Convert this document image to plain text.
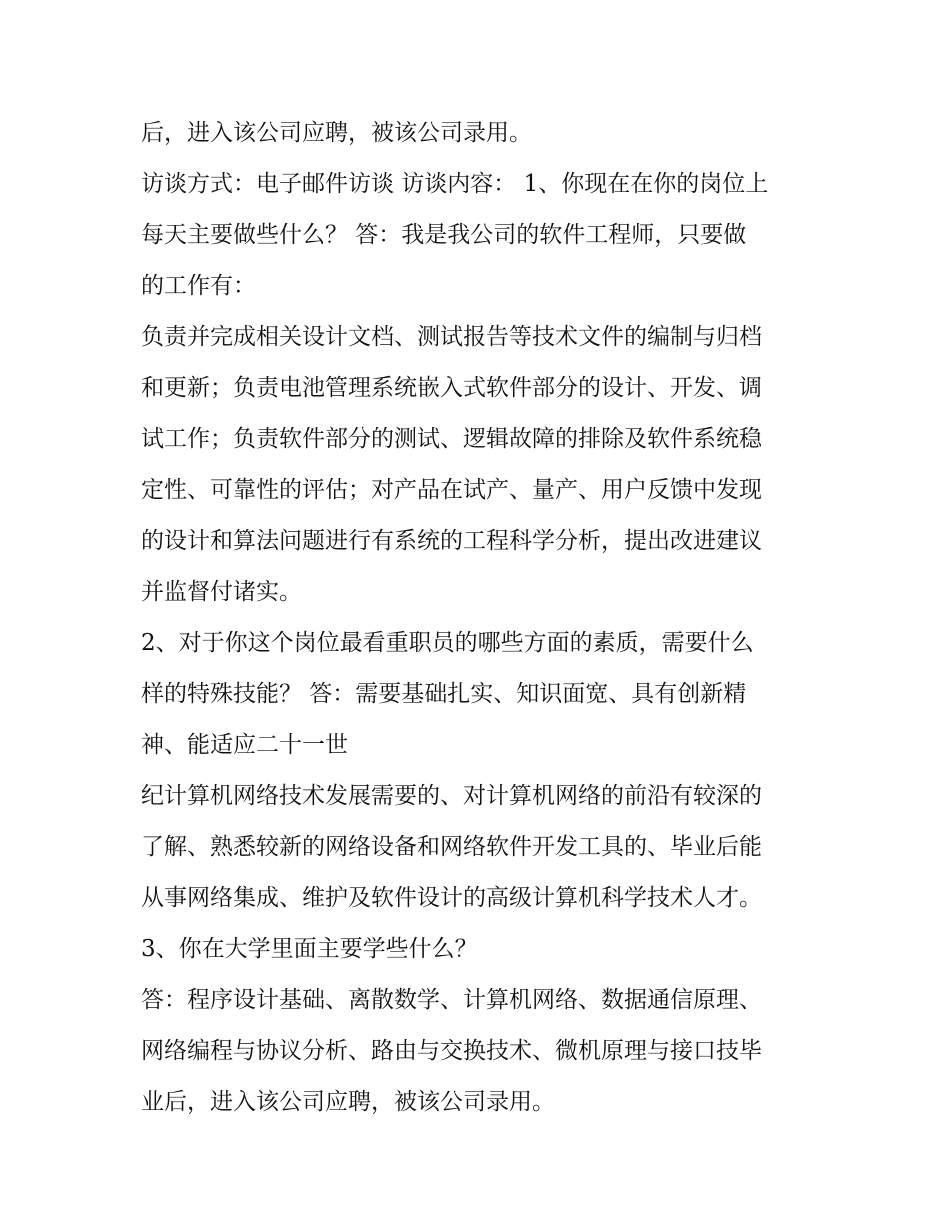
后，进入该公司应聘，被该公司录用。
访谈方式：电子邮件访谈 访谈内容： 1、你现在在你的岗位上
每天主要做些什么？ 答：我是我公司的软件工程师，只要做
的工作有：
负责并完成相关设计文档、测试报告等技术文件的编制与归档
和更新；负责电池管理系统嵌入式软件部分的设计、开发、调
试工作；负责软件部分的测试、逻辑故障的排除及软件系统稳
定性、可靠性的评估；对产品在试产、量产、用户反馈中发现
的设计和算法问题进行有系统的工程科学分析，提出改进建议
并监督付诸实。
2、对于你这个岗位最看重职员的哪些方面的素质，需要什么
样的特殊技能？ 答：需要基础扎实、知识面宽、具有创新精
神、能适应二十一世
纪计算机网络技术发展需要的、对计算机网络的前沿有较深的
了解、熟悉较新的网络设备和网络软件开发工具的、毕业后能
从事网络集成、维护及软件设计的高级计算机科学技术人才。
3、你在大学里面主要学些什么？
答：程序设计基础、离散数学、计算机网络、数据通信原理、
网络编程与协议分析、路由与交换技术、微机原理与接口技毕
业后，进入该公司应聘，被该公司录用。
